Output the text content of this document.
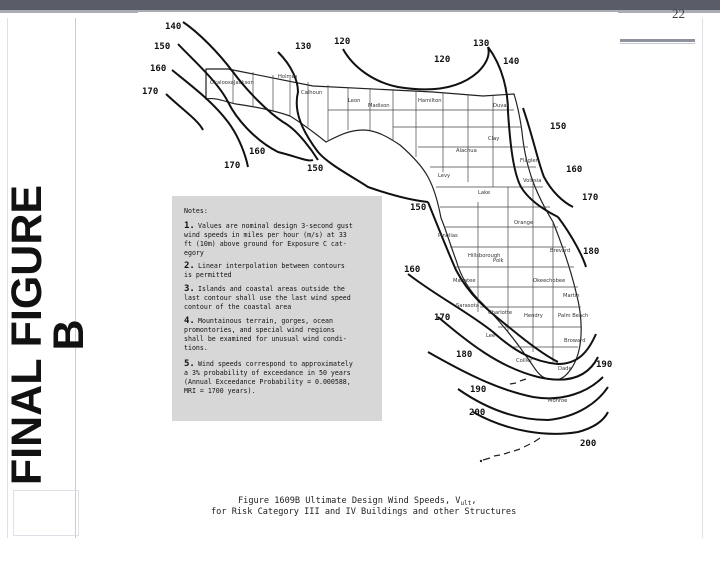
22
FINAL FIGURE
B
140
150
160
170
130	120
120
130
140
160
170	150
150
160
170
150
160
170
180
180
190
190
200
200
Jackson
Okaloosa
Holmes
Calhoun
Leon
Madison
Hamilton
Duval
Alachua
Clay
Flagler
Volusia
Orange
Brevard
Polk
Manatee
Sarasota
Charlotte
Lee
Collier
Broward
Dade
Monroe
Hendry
Martin
Palm Beach
Okeechobee
Levy
Lake
Pinellas
Hillsborough
Notes:
1. Values are nominal design 3-second gust
wind speeds in miles per hour (m/s) at 33
ft (10m) above ground for Exposure C cat-
egory
2. Linear interpolation between contours
is permitted
3. Islands and coastal areas outside the
last contour shall use the last wind speed
contour of the coastal area
4. Mountainous terrain, gorges, ocean
promontories, and special wind regions
shall be examined for unusual wind condi-
tions.
5. Wind speeds correspond to approximately
a 3% probability of exceedance in 50 years
(Annual Exceedance Probability = 0.000588,
MRI = 1700 years).
Figure 1609B Ultimate Design Wind Speeds, $V_{ult}$,
for Risk Category III and IV Buildings and other Structures
